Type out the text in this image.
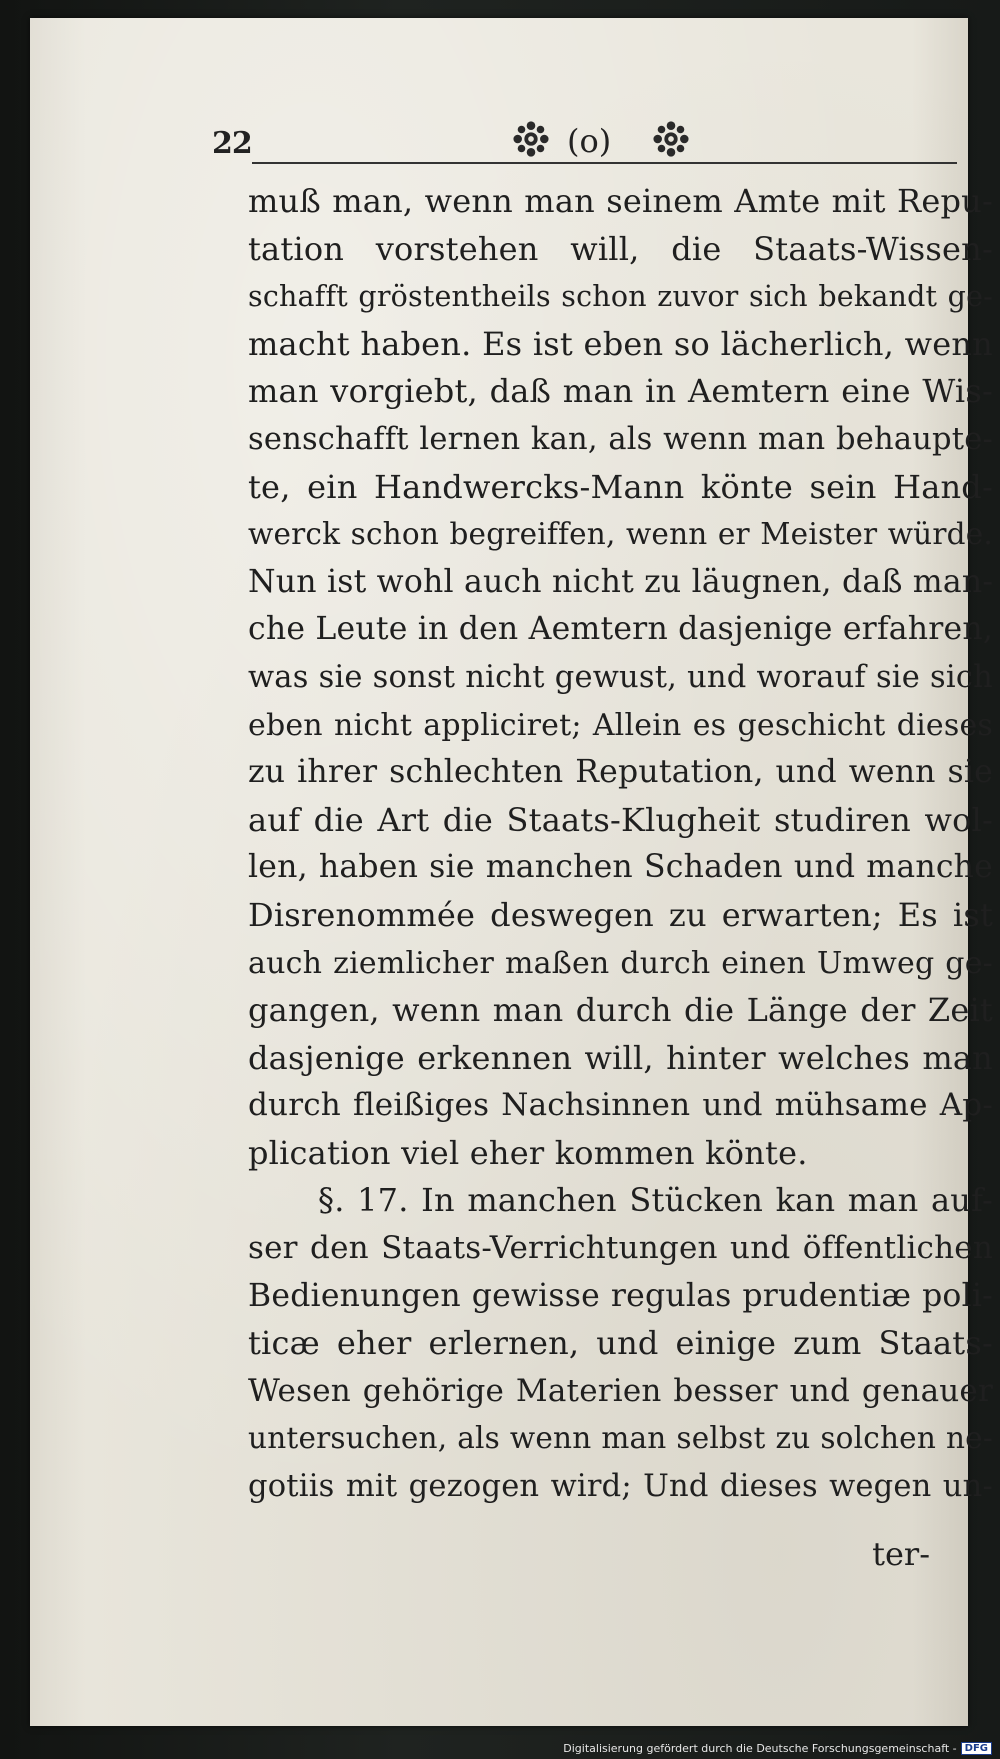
22	(o)
muß man, wenn man seinem Amte mit Repu-
tation vorstehen will, die Staats-Wissen-
schafft gröstentheils schon zuvor sich bekandt ge-
macht haben. Es ist eben so lächerlich, wenn
man vorgiebt, daß man in Aemtern eine Wis-
senschafft lernen kan, als wenn man behaupte-
te, ein Handwercks-Mann könte sein Hand-
werck schon begreiffen, wenn er Meister würde.
Nun ist wohl auch nicht zu läugnen, daß man-
che Leute in den Aemtern dasjenige erfahren,
was sie sonst nicht gewust, und worauf sie sich
eben nicht appliciret; Allein es geschicht dieses
zu ihrer schlechten Reputation, und wenn sie
auf die Art die Staats-Klugheit studiren wol-
len, haben sie manchen Schaden und manche
Disrenommée deswegen zu erwarten; Es ist
auch ziemlicher maßen durch einen Umweg ge-
gangen, wenn man durch die Länge der Zeit
dasjenige erkennen will, hinter welches man
durch fleißiges Nachsinnen und mühsame Ap-
plication viel eher kommen könte.
§. 17. In manchen Stücken kan man auf-
ser den Staats-Verrichtungen und öffentlichen
Bedienungen gewisse regulas prudentiæ poli-
ticæ eher erlernen, und einige zum Staats-
Wesen gehörige Materien besser und genauer
untersuchen, als wenn man selbst zu solchen ne-
gotiis mit gezogen wird; Und dieses wegen un-
ter-
Digitalisierung gefördert durch die Deutsche Forschungsgemeinschaft - DFG
